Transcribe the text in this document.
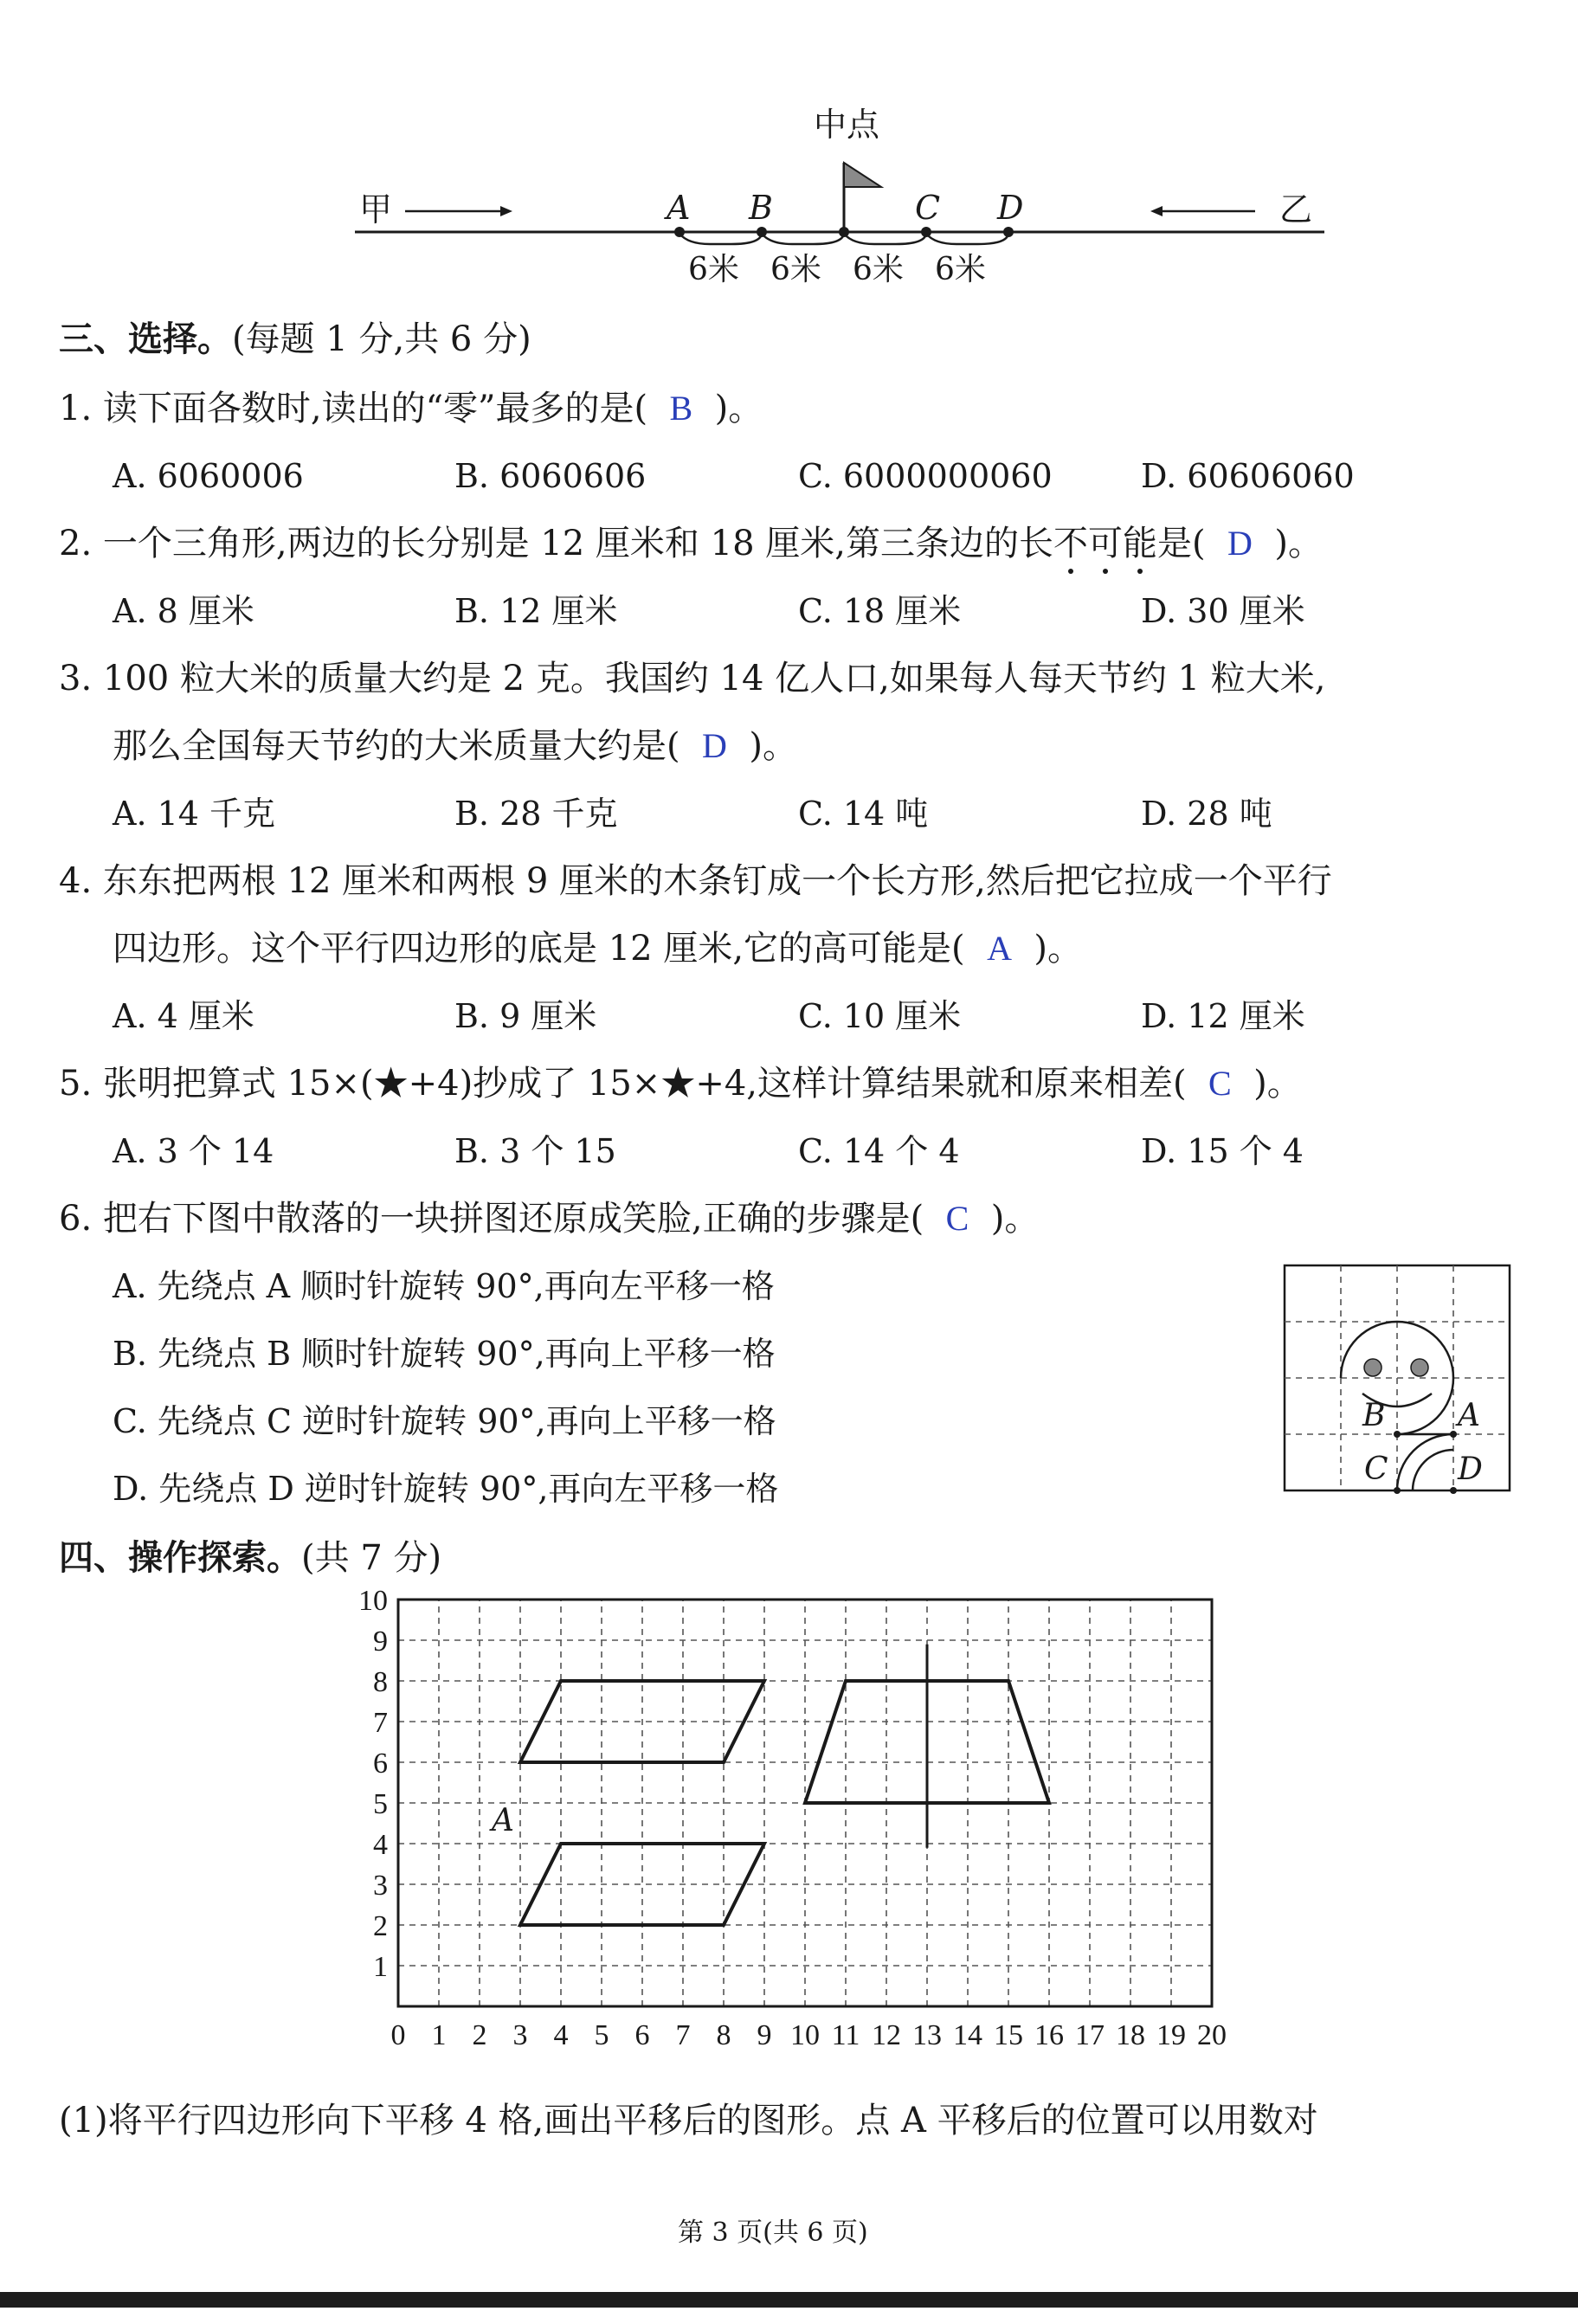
中点
甲	乙
A B	C D
6米 6米 6米 6米
三、选择。(每题 1 分,共 6 分)
1. 读下面各数时,读出的“零”最多的是( B )。
A. 6060006	B. 6060606	C. 6000000060	D. 60606060
2. 一个三角形,两边的长分别是 12 厘米和 18 厘米,第三条边的长不可能
是( D )。
A. 8 厘米	B. 12 厘米	C. 18 厘米	D. 30 厘米
3. 100 粒大米的质量大约是 2 克。我国约 14 亿人口,如果每人每天节约 1 粒大米,
那么全国每天节约的大米质量大约是( D )。
A. 14 千克	B. 28 千克	C. 14 吨	D. 28 吨
4. 东东把两根 12 厘米和两根 9 厘米的木条钉成一个长方形,然后把它拉成一个平行
四边形。这个平行四边形的底是 12 厘米,它的高可能是( A )。
A. 4 厘米	B. 9 厘米	C. 10 厘米	D. 12 厘米
5. 张明把算式 15×(★+4)抄成了 15×★+4,这样计算结果就和原来相差( C )。
A. 3 个 14	B. 3 个 15	C. 14 个 4	D. 15 个 4
6. 把右下图中散落的一块拼图还原成笑脸,正确的步骤是( C )。
A. 先绕点 A 顺时针旋转 90°,再向左平移一格
B. 先绕点 B 顺时针旋转 90°,再向上平移一格
C. 先绕点 C 逆时针旋转 90°,再向上平移一格
D. 先绕点 D 逆时针旋转 90°,再向左平移一格
B A
C D
四、操作探索。(共 7 分)
10
9
8
7
6
5
4
3
2
1
0 1 2 3 4 5 6 7 8 9 10 11 12 13 14 15 16 17 18 19 20
A
(1)将平行四边形向下平移 4 格,画出平移后的图形。点 A 平移后的位置可以用数对
第 3 页(共 6 页)
